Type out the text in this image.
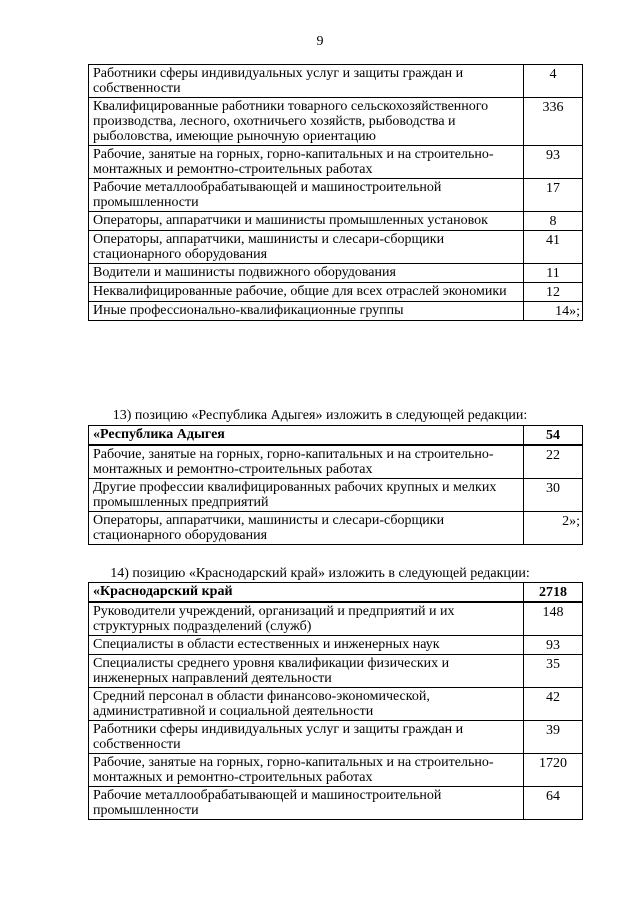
9
Работники сферы индивидуальных услуг и защиты граждан и собственности	4
Квалифицированные работники товарного сельскохозяйственного производства, лесного, охотничьего хозяйств, рыбоводства и рыболовства, имеющие рыночную ориентацию	336
Рабочие, занятые на горных, горно-капитальных и на строительно-монтажных и ремонтно-строительных работах	93
Рабочие металлообрабатывающей и машиностроительной промышленности	17
Операторы, аппаратчики и машинисты промышленных установок	8
Операторы, аппаратчики, машинисты и слесари-сборщики стационарного оборудования	41
Водители и машинисты подвижного оборудования	11
Неквалифицированные рабочие, общие для всех отраслей экономики	12
Иные профессионально-квалификационные группы	14»;
13) позицию «Республика Адыгея» изложить в следующей редакции:
«Республика Адыгея	54
Рабочие, занятые на горных, горно-капитальных и на строительно-монтажных и ремонтно-строительных работах	22
Другие профессии квалифицированных рабочих крупных и мелких промышленных предприятий	30
Операторы, аппаратчики, машинисты и слесари-сборщики стационарного оборудования	2»;
14) позицию «Краснодарский край» изложить в следующей редакции:
«Краснодарский край	2718
Руководители учреждений, организаций и предприятий и их структурных подразделений (служб)	148
Специалисты в области естественных и инженерных наук	93
Специалисты среднего уровня квалификации физических и инженерных направлений деятельности	35
Средний персонал в области финансово-экономической, административной и социальной деятельности	42
Работники сферы индивидуальных услуг и защиты граждан и собственности	39
Рабочие, занятые на горных, горно-капитальных и на строительно-монтажных и ремонтно-строительных работах	1720
Рабочие металлообрабатывающей и машиностроительной промышленности	64
